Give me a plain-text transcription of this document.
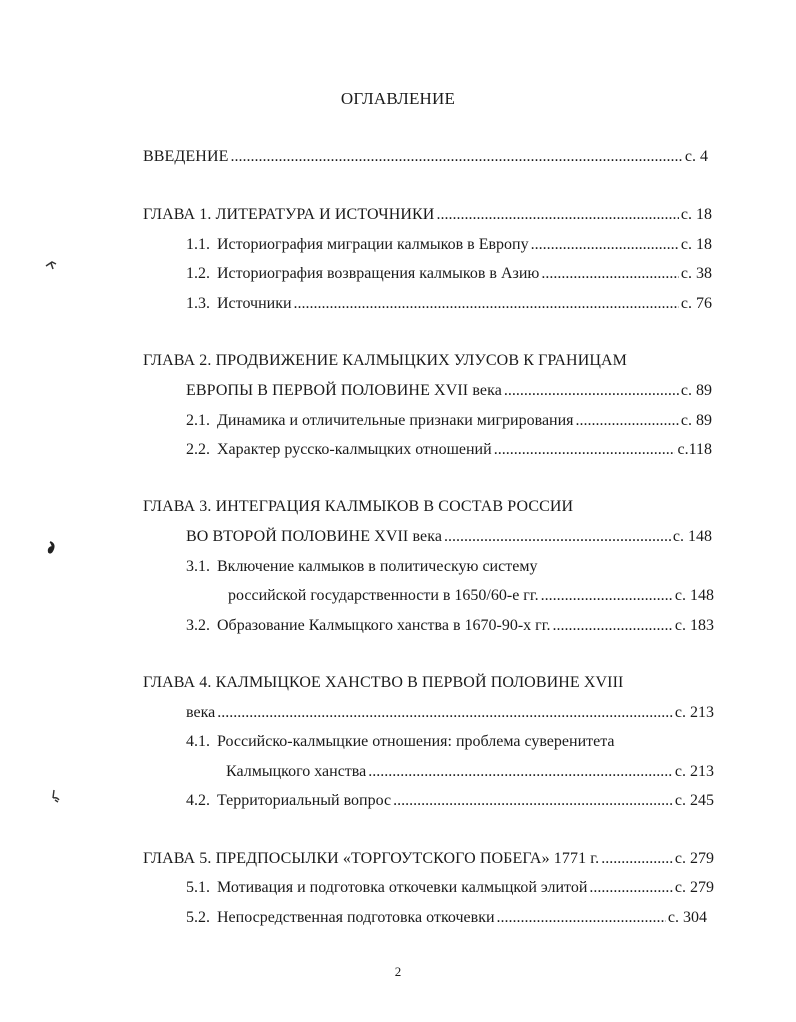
ОГЛАВЛЕНИЕ
ВВЕДЕНИЕ .....	с. 4
ГЛАВА 1. ЛИТЕРАТУРА И ИСТОЧНИКИ .....	с. 18
1.1. Историография миграции калмыков в Европу .....	с. 18
1.2. Историография возвращения калмыков в Азию .....	с. 38
1.3. Источники .....	с. 76
ГЛАВА 2. ПРОДВИЖЕНИЕ КАЛМЫЦКИХ УЛУСОВ К ГРАНИЦАМ
ЕВРОПЫ В ПЕРВОЙ ПОЛОВИНЕ XVII века .....	с. 89
2.1. Динамика и отличительные признаки мигрирования .....	с. 89
2.2. Характер русско-калмыцких отношений .....	с.118
ГЛАВА 3. ИНТЕГРАЦИЯ КАЛМЫКОВ В СОСТАВ РОССИИ
ВО ВТОРОЙ ПОЛОВИНЕ XVII века .....	с. 148
3.1. Включение калмыков в политическую систему
российской государственности в 1650/60-е гг. .....	с. 148
3.2. Образование Калмыцкого ханства в 1670-90-х гг. .....	с. 183
ГЛАВА 4. КАЛМЫЦКОЕ ХАНСТВО В ПЕРВОЙ ПОЛОВИНЕ XVIII
века .....	с. 213
4.1. Российско-калмыцкие отношения: проблема суверенитета
Калмыцкого ханства .....	с. 213
4.2. Территориальный вопрос .....	с. 245
ГЛАВА 5. ПРЕДПОСЫЛКИ «ТОРГОУТСКОГО ПОБЕГА» 1771 г. .....	с. 279
5.1. Мотивация и подготовка откочевки калмыцкой элитой .....	с. 279
5.2. Непосредственная подготовка откочевки .....	с. 304
2
